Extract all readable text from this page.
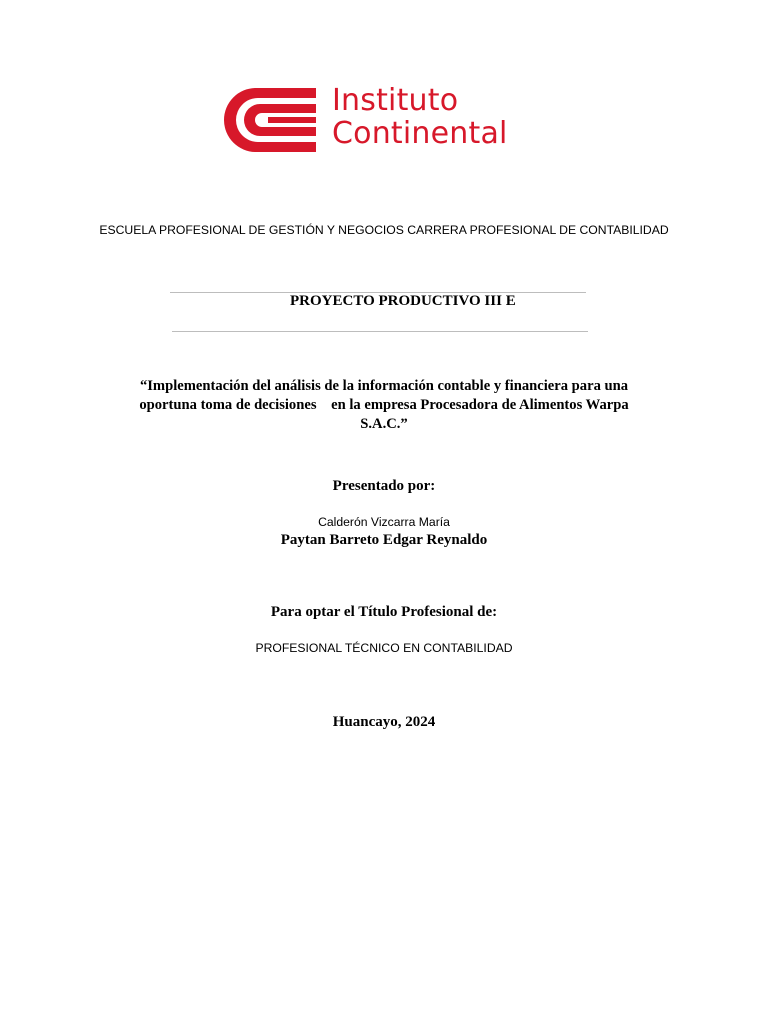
Instituto
Continental
ESCUELA PROFESIONAL DE GESTIÓN Y NEGOCIOS CARRERA PROFESIONAL DE CONTABILIDAD
PROYECTO PRODUCTIVO III E
“Implementación del análisis de la información contable y financiera para una
oportuna toma de decisiones    en la empresa Procesadora de Alimentos Warpa
S.A.C.”
Presentado por:
Calderón Vizcarra María
Paytan Barreto Edgar Reynaldo
Para optar el Título Profesional de:
PROFESIONAL TÉCNICO EN CONTABILIDAD
Huancayo, 2024
